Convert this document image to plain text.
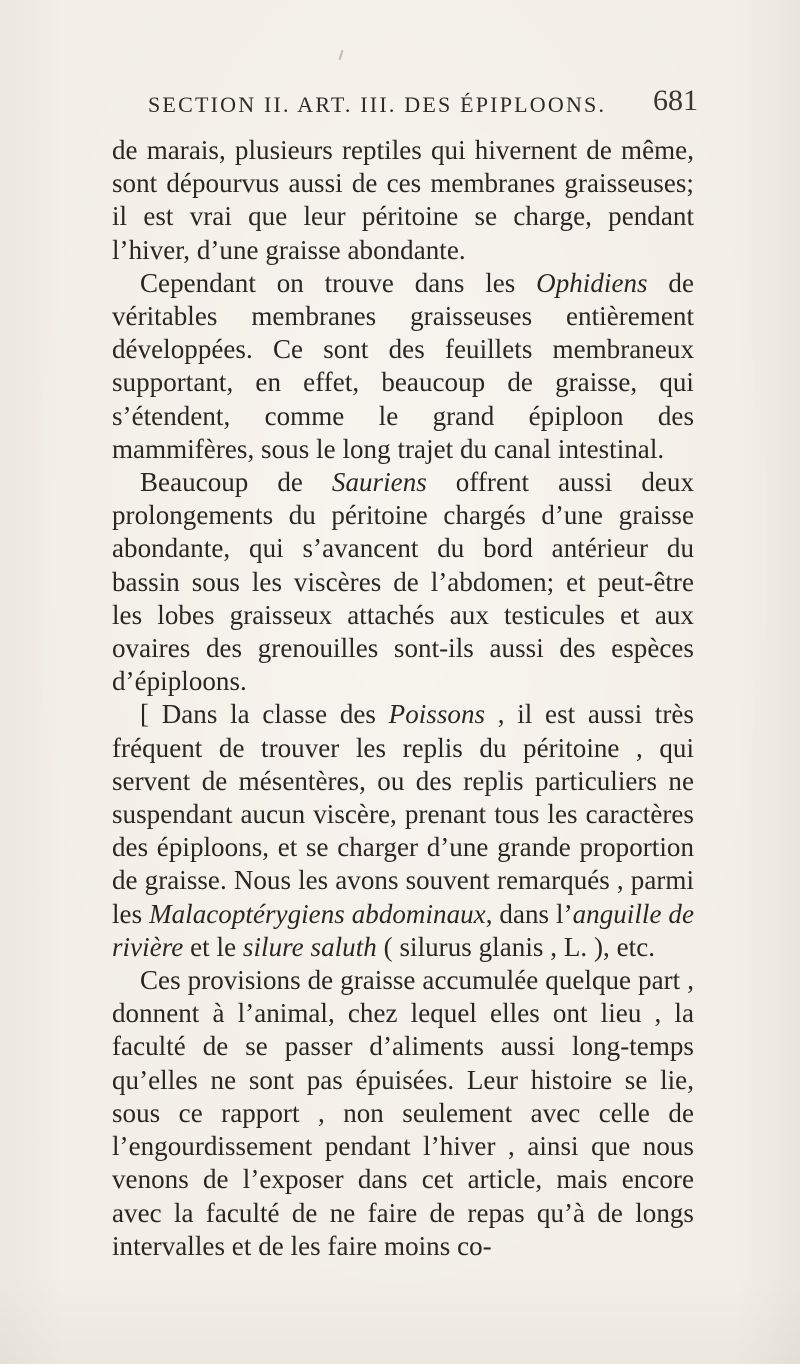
SECTION II. ART. III. DES ÉPIPLOONS. 681

de marais, plusieurs reptiles qui hivernent de même, sont dépourvus aussi de ces membranes graisseuses; il est vrai que leur péritoine se charge, pendant l’hiver, d’une graisse abondante.

Cependant on trouve dans les Ophidiens de véritables membranes graisseuses entièrement développées. Ce sont des feuillets membraneux supportant, en effet, beaucoup de graisse, qui s’étendent, comme le grand épiploon des mammifères, sous le long trajet du canal intestinal.

Beaucoup de Sauriens offrent aussi deux prolongements du péritoine chargés d’une graisse abondante, qui s’avancent du bord antérieur du bassin sous les viscères de l’abdomen; et peut-être les lobes graisseux attachés aux testicules et aux ovaires des grenouilles sont-ils aussi des espèces d’épiploons.

[ Dans la classe des Poissons , il est aussi très fréquent de trouver les replis du péritoine , qui servent de mésentères, ou des replis particuliers ne suspendant aucun viscère, prenant tous les caractères des épiploons, et se charger d’une grande proportion de graisse. Nous les avons souvent remarqués , parmi les Malacoptérygiens abdominaux, dans l’anguille de rivière et le silure saluth ( silurus glanis , L. ), etc.

Ces provisions de graisse accumulée quelque part , donnent à l’animal, chez lequel elles ont lieu , la faculté de se passer d’aliments aussi long-temps qu’elles ne sont pas épuisées. Leur histoire se lie, sous ce rapport , non seulement avec celle de l’engourdissement pendant l’hiver , ainsi que nous venons de l’exposer dans cet article, mais encore avec la faculté de ne faire de repas qu’à de longs intervalles et de les faire moins co-
